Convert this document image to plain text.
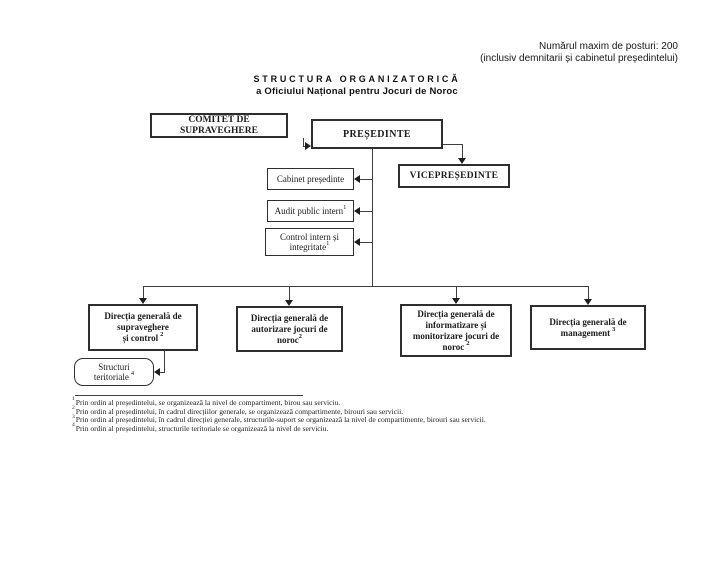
Numărul maxim de posturi: 200
(inclusiv demnitarii și cabinetul președintelui)
STRUCTURA ORGANIZATORICĂ
a Oficiului Național pentru Jocuri de Noroc
COMITET DE
SUPRAVEGHERE	PREȘEDINTE
VICEPREȘEDINTE
Cabinet președinte
Audit public intern$^1$
Control intern și
integritate$^1$
Direcția generală de
supraveghere
și control $^2$
Direcția generală de
autorizare jocuri de
noroc$^2$
Direcția generală de
informatizare și
monitorizare jocuri de
noroc $^2$
Direcția generală de
management $^3$
Structuri
teritoriale $^4$
$^1$Prin ordin al președintelui, se organizează la nivel de compartiment, birou sau serviciu.
$^2$Prin ordin al președintelui, în cadrul direcțiilor generale, se organizează compartimente, birouri sau servicii.
$^3$Prin ordin al președintelui, în cadrul direcției generale, structurile-suport se organizează la nivel de compartimente, birouri sau servicii.
$^4$Prin ordin al președintelui, structurile teritoriale se organizează la nivel de serviciu.
